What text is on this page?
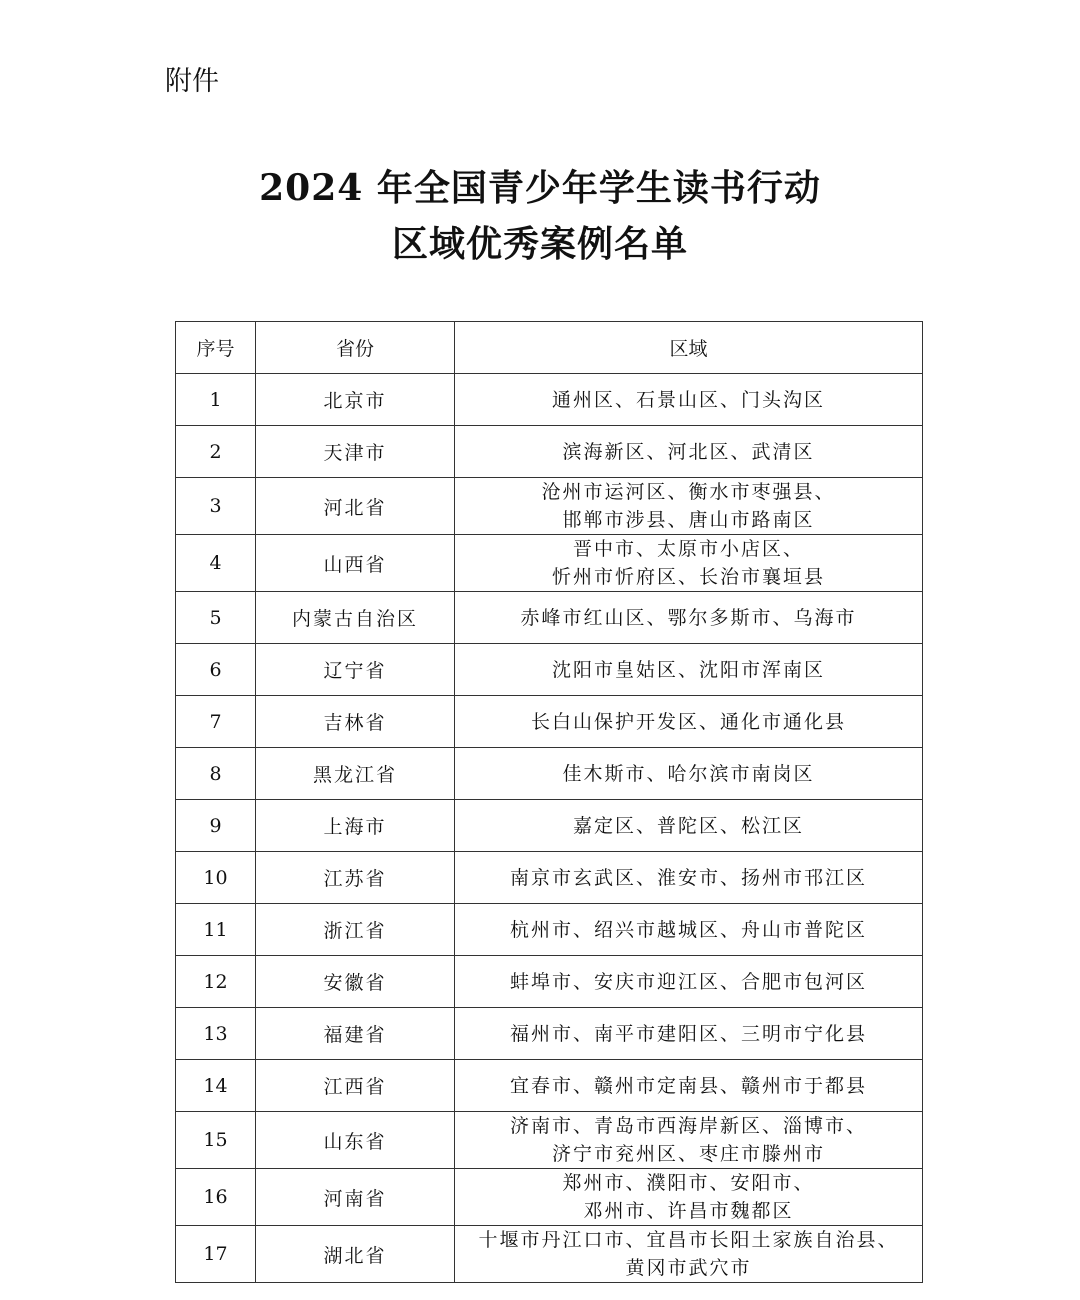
附件
2024 年全国青少年学生读书行动
区域优秀案例名单
序号	省份	区域
1	北京市	通州区、石景山区、门头沟区

2	天津市	滨海新区、河北区、武清区

3	河北省	沧州市运河区、衡水市枣强县、
邯郸市涉县、唐山市路南区

4	山西省	晋中市、太原市小店区、
忻州市忻府区、长治市襄垣县

5	内蒙古自治区	赤峰市红山区、鄂尔多斯市、乌海市

6	辽宁省	沈阳市皇姑区、沈阳市浑南区

7	吉林省	长白山保护开发区、通化市通化县

8	黑龙江省	佳木斯市、哈尔滨市南岗区

9	上海市	嘉定区、普陀区、松江区

10	江苏省	南京市玄武区、淮安市、扬州市邗江区

11	浙江省	杭州市、绍兴市越城区、舟山市普陀区

12	安徽省	蚌埠市、安庆市迎江区、合肥市包河区

13	福建省	福州市、南平市建阳区、三明市宁化县

14	江西省	宜春市、赣州市定南县、赣州市于都县

15	山东省	济南市、青岛市西海岸新区、淄博市、
济宁市兖州区、枣庄市滕州市

16	河南省	郑州市、濮阳市、安阳市、
邓州市、许昌市魏都区

17	湖北省	十堰市丹江口市、宜昌市长阳土家族自治县、
黄冈市武穴市
